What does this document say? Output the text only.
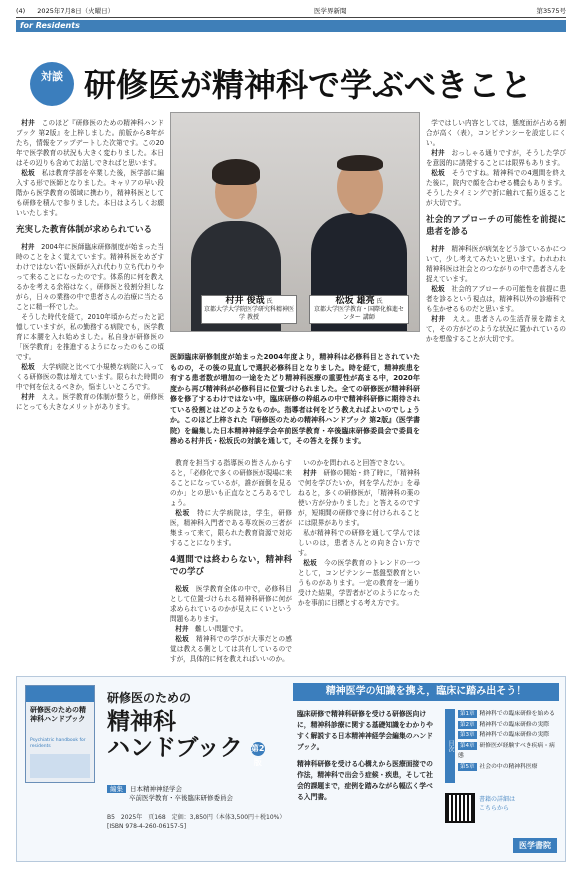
(4) 2025年7月8日（火曜日）	医学界新聞	第3575号
for Residents
対談 研修医が精神科で学ぶべきこと

村井　 このほど『研修医のための精神科ハンドブック 第2版』を上梓しました。前版から8年がたち，情報をアップデートした次第です。この20年で医学教育の状況も大きく変わりました。本日はその辺りも含めてお話しできればと思います。

松坂　 私は教育学部を卒業した後，医学部に編入する形で医師となりました。キャリアの早い段階から医学教育の領域に携わり，精神科医としても研修を積んで参りました。本日はよろしくお願いいたします。

充実した教育体制が求められている

村井　 2004年に医師臨床研修制度が始まった当時のことをよく覚えています。精神科医をめざすわけではない若い医師が入れ代わり立ち代わりやって来ることになったのです。体系的に何を教えるかを考える余裕はなく，研修医と役割分担しながら，日々の業務の中で患者さんの治療に当たることに精一杯でした。

そうした時代を経て，2010年頃からだったと記憶していますが，私の勤務する病院でも，医学教育に本腰を入れ始めました。私自身が研修医の「医学教育」を推進するようになったのもこの頃です。

松坂　 大学病院と比べて小規模な病院に入ってくる研修医の数は増えています。限られた時間の中で何を伝えるべきか，悩ましいところです。

村井　 ええ。医学教育の体制が整うと，研修医にとっても大きなメリットがあります。

村井 俊哉 氏
京都大学大学院医学研究科精神医学 教授
松坂 雄亮 氏
京都大学医学教育・国際化推進センター 講師
医師臨床研修制度が始まった2004年度より，精神科は必修科目とされていたものの，その後の見直しで選択必修科目となりました。時を経て，精神疾患を有する患者数が増加の一途をたどり精神科医療の重要性が高まる中，2020年度から再び精神科が必修科目に位置づけられました。全ての研修医が精神科研修を修了するわけではない中，臨床研修の枠組みの中で精神科研修に期待されている役割とはどのようなものか。指導者は何をどう教えればよいのでしょうか。このほど上梓された『研修医のための精神科ハンドブック 第2版』（医学書院）を編集した日本精神神経学会卒前医学教育・卒後臨床研修委員会で委員を務める村井氏・松坂氏の対談を通して，その答えを探ります。

教育を担当する指導医の皆さんからすると，「必修化で多くの研修医が現場に来ることになっているが，誰が面倒を見るのか」との思いも正直なところあるでしょう。

松坂　 特に大学病院は，学生，研修医，精神科入門者である専攻医の三者が集まって来て，限られた教育資源で対応することになります。

4週間では終わらない，精神科での学び

松坂　 医学教育全体の中で，必修科目として位置づけられる精神科研修に何が求められているのかが見えにくいという問題もあります。

村井　 難しい問題です。

松坂　 精神科での学びが大事だとの感覚は教える側としては共有しているのですが，具体的に何を教えればいいのか。

いのかを問われると回答できない。

村井　 研修の開始・終了時に，「精神科で何を学びたいか，何を学んだか」を尋ねると，多くの研修医が，「精神科の薬の使い方が分かりました」と答えるのですが，短期間の研修で身に付けられることには限界があります。

私が精神科での研修を通して学んでほしいのは，患者さんとの向き合い方です。

松坂　 今の医学教育のトレンドの一つとして，コンピテンシー基盤型教育というものがあります。一定の教育を一通り受けた結果，学習者がどのようになったかを事前に目標とする考え方です。

学ではしい内容としては，態度面が占める割合が高く（表），コンピテンシーを設定しにくい。

村井　 おっしゃる通りですが，そうした学びを意図的に誘発することには限界もあります。

松坂　 そうですね。精神科での4週間を終えた後に，院内で顔を合わせる機会もあります。そうしたタイミングで折に触れて振り返ることが大切です。

社会的アプローチの可能性を前提に患者を診る

村井　 精神科医が病気をどう診ているかについて，少し考えてみたいと思います。われわれ精神科医は社会とのつながりの中で患者さんを捉えています。

松坂　 社会的アプローチの可能性を前提に患者を診るという視点は，精神科以外の診療科でも生かせるものだと思います。

村井　 ええ。患者さんの生活背景を踏まえて，その方がどのような状況に置かれているのかを想像することが大切です。

研修医のための精神科ハンドブック
Psychiatric handbook for residents
研修医のための
精神科
ハンドブック 第2版
編集 日本精神神経学会
卒前医学教育・卒後臨床研修委員会
B5　2025年　頁168　定価：3,850円（本体3,500円＋税10%）
[ISBN 978-4-260-06157-5]
精神医学の知識を携え，臨床に踏み出そう！

臨床研修で精神科研修を受ける研修医向けに，精神科診療に関する基礎知識をわかりやすく解説する日本精神神経学会編集のハンドブック。

精神科研修を受ける心構えから医療面接での作法，精神科で出会う症候・疾患，そして社会的課題まで，症例を踏みながら幅広く学べる入門書。

目次
第1章 精神科での臨床研修を始める
第2章 精神科での臨床研修の実際
第3章 精神科での臨床研修の実際
第4章 研修医が経験すべき疾病・病態
第5章 社会の中の精神科医療
書籍の詳細は
こちらから
医学書院
